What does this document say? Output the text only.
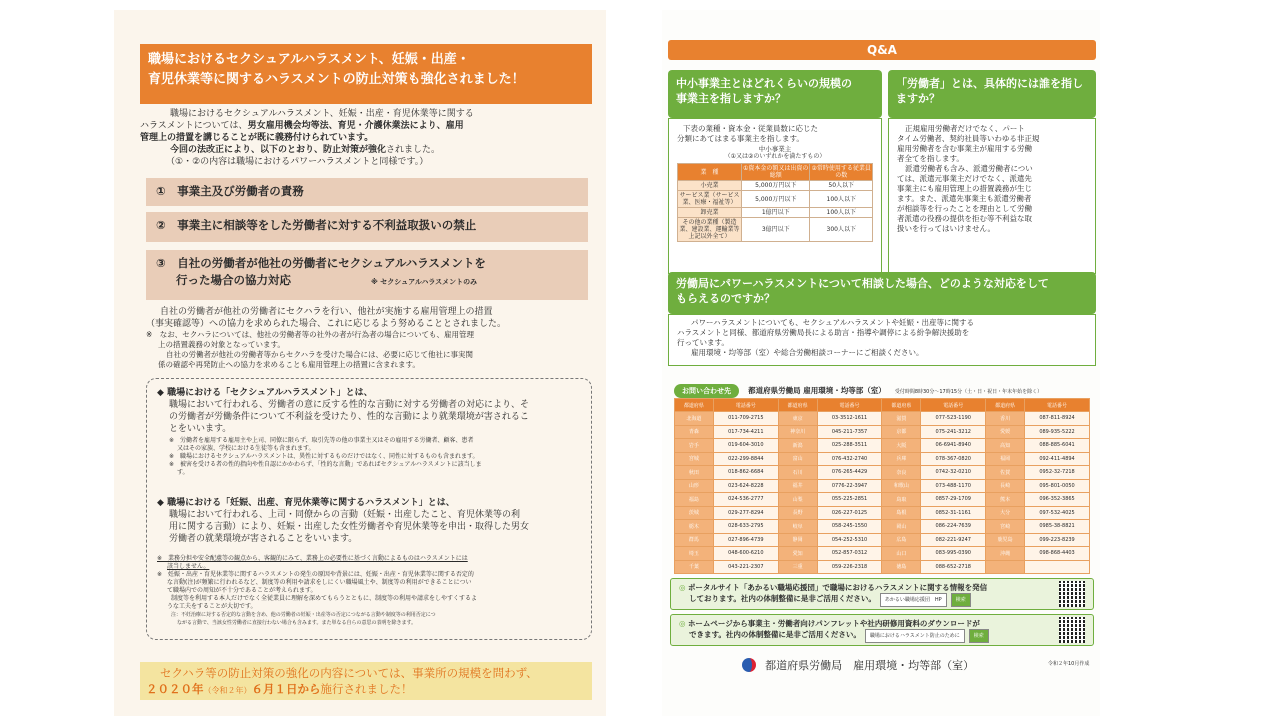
職場におけるセクシュアルハラスメント、妊娠・出産・
育児休業等に関するハラスメントの防止対策も強化されました！
職場におけるセクシュアルハラスメント、妊娠・出産・育児休業等に関する
ハラスメントについては、男女雇用機会均等法、育児・介護休業法により、雇用
管理上の措置を講じることが既に義務付けられています。
今回の法改正により、以下のとおり、防止対策が強化されました。
（①・②の内容は職場におけるパワーハラスメントと同様です。）
①　 事業主及び労働者の責務
②　 事業主に相談等をした労働者に対する不利益取扱いの禁止
③　 自社の労働者が他社の労働者にセクシュアルハラスメントを
行った場合の協力対応	※ セクシュアルハラスメントのみ
自社の労働者が他社の労働者にセクハラを行い、他社が実施する雇用管理上の措置
（事実確認等）への協力を求められた場合、これに応じるよう努めることとされました。
※　なお、セクハラについては、他社の労働者等の社外の者が行為者の場合についても、雇用管理
上の措置義務の対象となっています。
自社の労働者が他社の労働者等からセクハラを受けた場合には、必要に応じて他社に事実関
係の確認や再発防止への協力を求めることも雇用管理上の措置に含まれます。
◆ 職場における「セクシュアルハラスメント」とは、
職場において行われる、労働者の意に反する性的な言動に対する労働者の対応により、そ
の労働者が労働条件について不利益を受けたり、性的な言動により就業環境が害されるこ
とをいいます。
※　労働者を雇用する雇用主や上司、同僚に限らず、取引先等の他の事業主又はその雇用する労働者、顧客、患者
又はその家族、学校における生徒等も含まれます。
※　職場におけるセクシュアルハラスメントは、異性に対するものだけではなく、同性に対するものも含まれます。
※　被害を受ける者の性的指向や性自認にかかわらず、「性的な言動」であればセクシュアルハラスメントに該当しま
す。
◆ 職場における「妊娠、出産、育児休業等に関するハラスメント」とは、
職場において行われる、上司・同僚からの言動（妊娠・出産したこと、育児休業等の利
用に関する言動）により、妊娠・出産した女性労働者や育児休業等を申出・取得した男女
労働者の就業環境が害されることをいいます。
※　業務分担や安全配慮等の観点から、客観的にみて、業務上の必要性に基づく言動によるものはハラスメントには
該当しません。
※　妊娠・出産・育児休業等に関するハラスメントの発生の原因や背景には、妊娠・出産・育児休業等に関する否定的
な言動(注)が頻繁に行われるなど、制度等の利用や請求をしにくい職場風土や、制度等の利用ができることについ
て職場内での周知が不十分であることが考えられます。
制度等を利用する本人だけでなく全従業員に理解を深めてもらうとともに、制度等の利用や請求をしやすくするよ
うな工夫をすることが大切です。
注：不妊治療に対する否定的な言動を含め、他の労働者の妊娠・出産等の否定につながる言動や制度等の利用否定につ
ながる言動で、当該女性労働者に直接行わない場合も含みます。また単なる自らの意思の表明を除きます。
セクハラ等の防止対策の強化の内容については、事業所の規模を問わず、
２０２０年（令和２年）６月１日から施行されました！
Q&A
中小事業主とはどれくらいの規模の
事業主を指しますか？
下表の業種・資本金・従業員数に応じた
分類にあてはまる事業主を指します。
中小事業主
（①又は②のいずれかを満たすもの）
業　種	①資本金の額又は出資の総額	②常時使用する従業員の数
小売業	5,000万円以下	50人以下
サービス業（サービス業、医療・福祉等）	5,000万円以下	100人以下
卸売業	1億円以下	100人以下
その他の業種（製造業、建設業、運輸業等上記以外全て）	3億円以下	300人以下
「労働者」とは、具体的には誰を指し
ますか？
正規雇用労働者だけでなく、パート
タイム労働者、契約社員等いわゆる非正規
雇用労働者を含む事業主が雇用する労働
者全てを指します。
派遣労働者も含み、派遣労働者につい
ては、派遣元事業主だけでなく、派遣先
事業主にも雇用管理上の措置義務が生じ
ます。また、派遣先事業主も派遣労働者
が相談等を行ったことを理由として労働
者派遣の役務の提供を拒む等不利益な取
扱いを行ってはいけません。
労働局にパワーハラスメントについて相談した場合、どのような対応をして
もらえるのですか？
パワーハラスメントについても、セクシュアルハラスメントや妊娠・出産等に関する
ハラスメントと同様、都道府県労働局長による助言・指導や調停による紛争解決援助を
行っています。
雇用環境・均等部（室）や総合労働相談コーナーにご相談ください。
お問い合わせ先 都道府県労働局 雇用環境・均等部（室） 受付時間8時30分〜17時15分（土・日・祝日・年末年始を除く）
都道府県	電話番号	都道府県	電話番号	都道府県	電話番号	都道府県	電話番号
北海道	011-709-2715	東京	03-3512-1611	滋賀	077-523-1190	香川	087-811-8924
青森	017-734-4211	神奈川	045-211-7357	京都	075-241-3212	愛媛	089-935-5222
岩手	019-604-3010	新潟	025-288-3511	大阪	06-6941-8940	高知	088-885-6041
宮城	022-299-8844	富山	076-432-2740	兵庫	078-367-0820	福岡	092-411-4894
秋田	018-862-6684	石川	076-265-4429	奈良	0742-32-0210	佐賀	0952-32-7218
山形	023-624-8228	福井	0776-22-3947	和歌山	073-488-1170	長崎	095-801-0050
福島	024-536-2777	山梨	055-225-2851	鳥取	0857-29-1709	熊本	096-352-3865
茨城	029-277-8294	長野	026-227-0125	島根	0852-31-1161	大分	097-532-4025
栃木	028-633-2795	岐阜	058-245-1550	岡山	086-224-7639	宮崎	0985-38-8821
群馬	027-896-4739	静岡	054-252-5310	広島	082-221-9247	鹿児島	099-223-8239
埼玉	048-600-6210	愛知	052-857-0312	山口	083-995-0390	沖縄	098-868-4403
千葉	043-221-2307	三重	059-226-2318	徳島	088-652-2718		
◎ ポータルサイト「あかるい職場応援団」で職場におけるハラスメントに関する情報を発信
しております。社内の体制整備に是非ご活用ください。 あかるい職場応援団　HP	検索
◎ ホームページから事業主・労働者向けパンフレットや社内研修用資料のダウンロードが
できます。社内の体制整備に是非ご活用ください。 職場におけるハラスメント防止のために	検索
都道府県労働局　雇用環境・均等部（室）	令和２年10月作成
